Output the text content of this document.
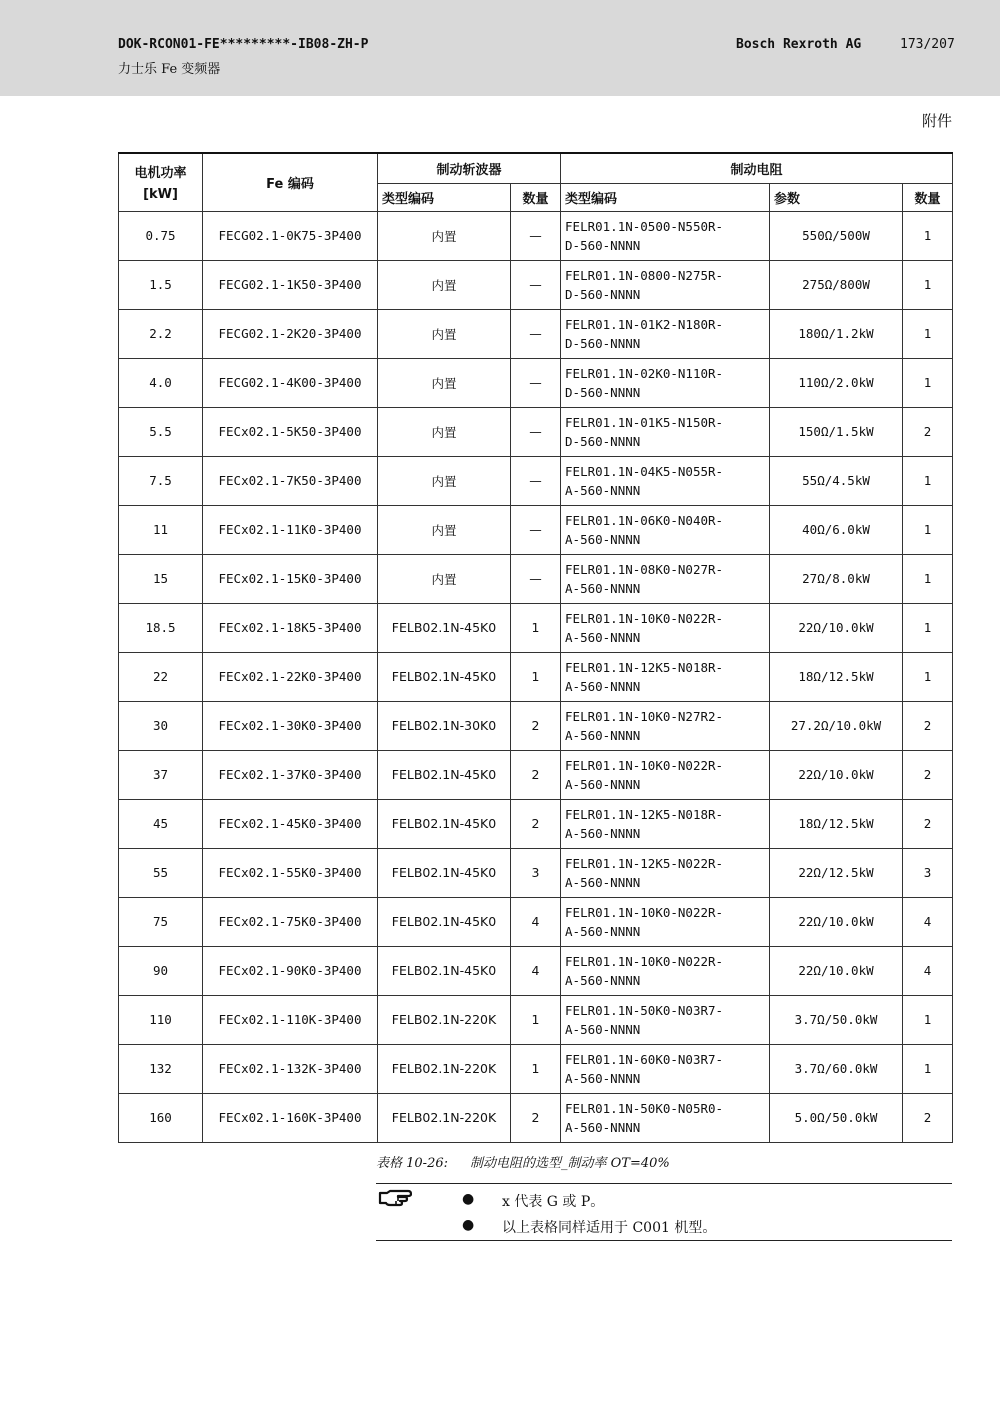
DOK-RCON01-FE*********-IB08-ZH-P
力士乐 Fe 变频器
Bosch Rexroth AG	173/207
附件
电机功率
[kW]	Fe 编码	制动斩波器		制动电阻		
		类型编码	数量	类型编码	参数	数量
0.75	FECG02.1-0K75-3P400	内置	—	FELR01.1N-0500-N550R-
D-560-NNNN	550Ω/500W	1
1.5	FECG02.1-1K50-3P400	内置	—	FELR01.1N-0800-N275R-
D-560-NNNN	275Ω/800W	1
2.2	FECG02.1-2K20-3P400	内置	—	FELR01.1N-01K2-N180R-
D-560-NNNN	180Ω/1.2kW	1
4.0	FECG02.1-4K00-3P400	内置	—	FELR01.1N-02K0-N110R-
D-560-NNNN	110Ω/2.0kW	1
5.5	FECx02.1-5K50-3P400	内置	—	FELR01.1N-01K5-N150R-
D-560-NNNN	150Ω/1.5kW	2
7.5	FECx02.1-7K50-3P400	内置	—	FELR01.1N-04K5-N055R-
A-560-NNNN	55Ω/4.5kW	1
11	FECx02.1-11K0-3P400	内置	—	FELR01.1N-06K0-N040R-
A-560-NNNN	40Ω/6.0kW	1
15	FECx02.1-15K0-3P400	内置	—	FELR01.1N-08K0-N027R-
A-560-NNNN	27Ω/8.0kW	1
18.5	FECx02.1-18K5-3P400	FELB02.1N-45K0	1	FELR01.1N-10K0-N022R-
A-560-NNNN	22Ω/10.0kW	1
22	FECx02.1-22K0-3P400	FELB02.1N-45K0	1	FELR01.1N-12K5-N018R-
A-560-NNNN	18Ω/12.5kW	1
30	FECx02.1-30K0-3P400	FELB02.1N-30K0	2	FELR01.1N-10K0-N27R2-
A-560-NNNN	27.2Ω/10.0kW	2
37	FECx02.1-37K0-3P400	FELB02.1N-45K0	2	FELR01.1N-10K0-N022R-
A-560-NNNN	22Ω/10.0kW	2
45	FECx02.1-45K0-3P400	FELB02.1N-45K0	2	FELR01.1N-12K5-N018R-
A-560-NNNN	18Ω/12.5kW	2
55	FECx02.1-55K0-3P400	FELB02.1N-45K0	3	FELR01.1N-12K5-N022R-
A-560-NNNN	22Ω/12.5kW	3
75	FECx02.1-75K0-3P400	FELB02.1N-45K0	4	FELR01.1N-10K0-N022R-
A-560-NNNN	22Ω/10.0kW	4
90	FECx02.1-90K0-3P400	FELB02.1N-45K0	4	FELR01.1N-10K0-N022R-
A-560-NNNN	22Ω/10.0kW	4
110	FECx02.1-110K-3P400	FELB02.1N-220K	1	FELR01.1N-50K0-N03R7-
A-560-NNNN	3.7Ω/50.0kW	1
132	FECx02.1-132K-3P400	FELB02.1N-220K	1	FELR01.1N-60K0-N03R7-
A-560-NNNN	3.7Ω/60.0kW	1
160	FECx02.1-160K-3P400	FELB02.1N-220K	2	FELR01.1N-50K0-N05R0-
A-560-NNNN	5.0Ω/50.0kW	2
表格 10-26: 制动电阻的选型_制动率 OT=40%
● x 代表 G 或 P。
● 以上表格同样适用于 C001 机型。
